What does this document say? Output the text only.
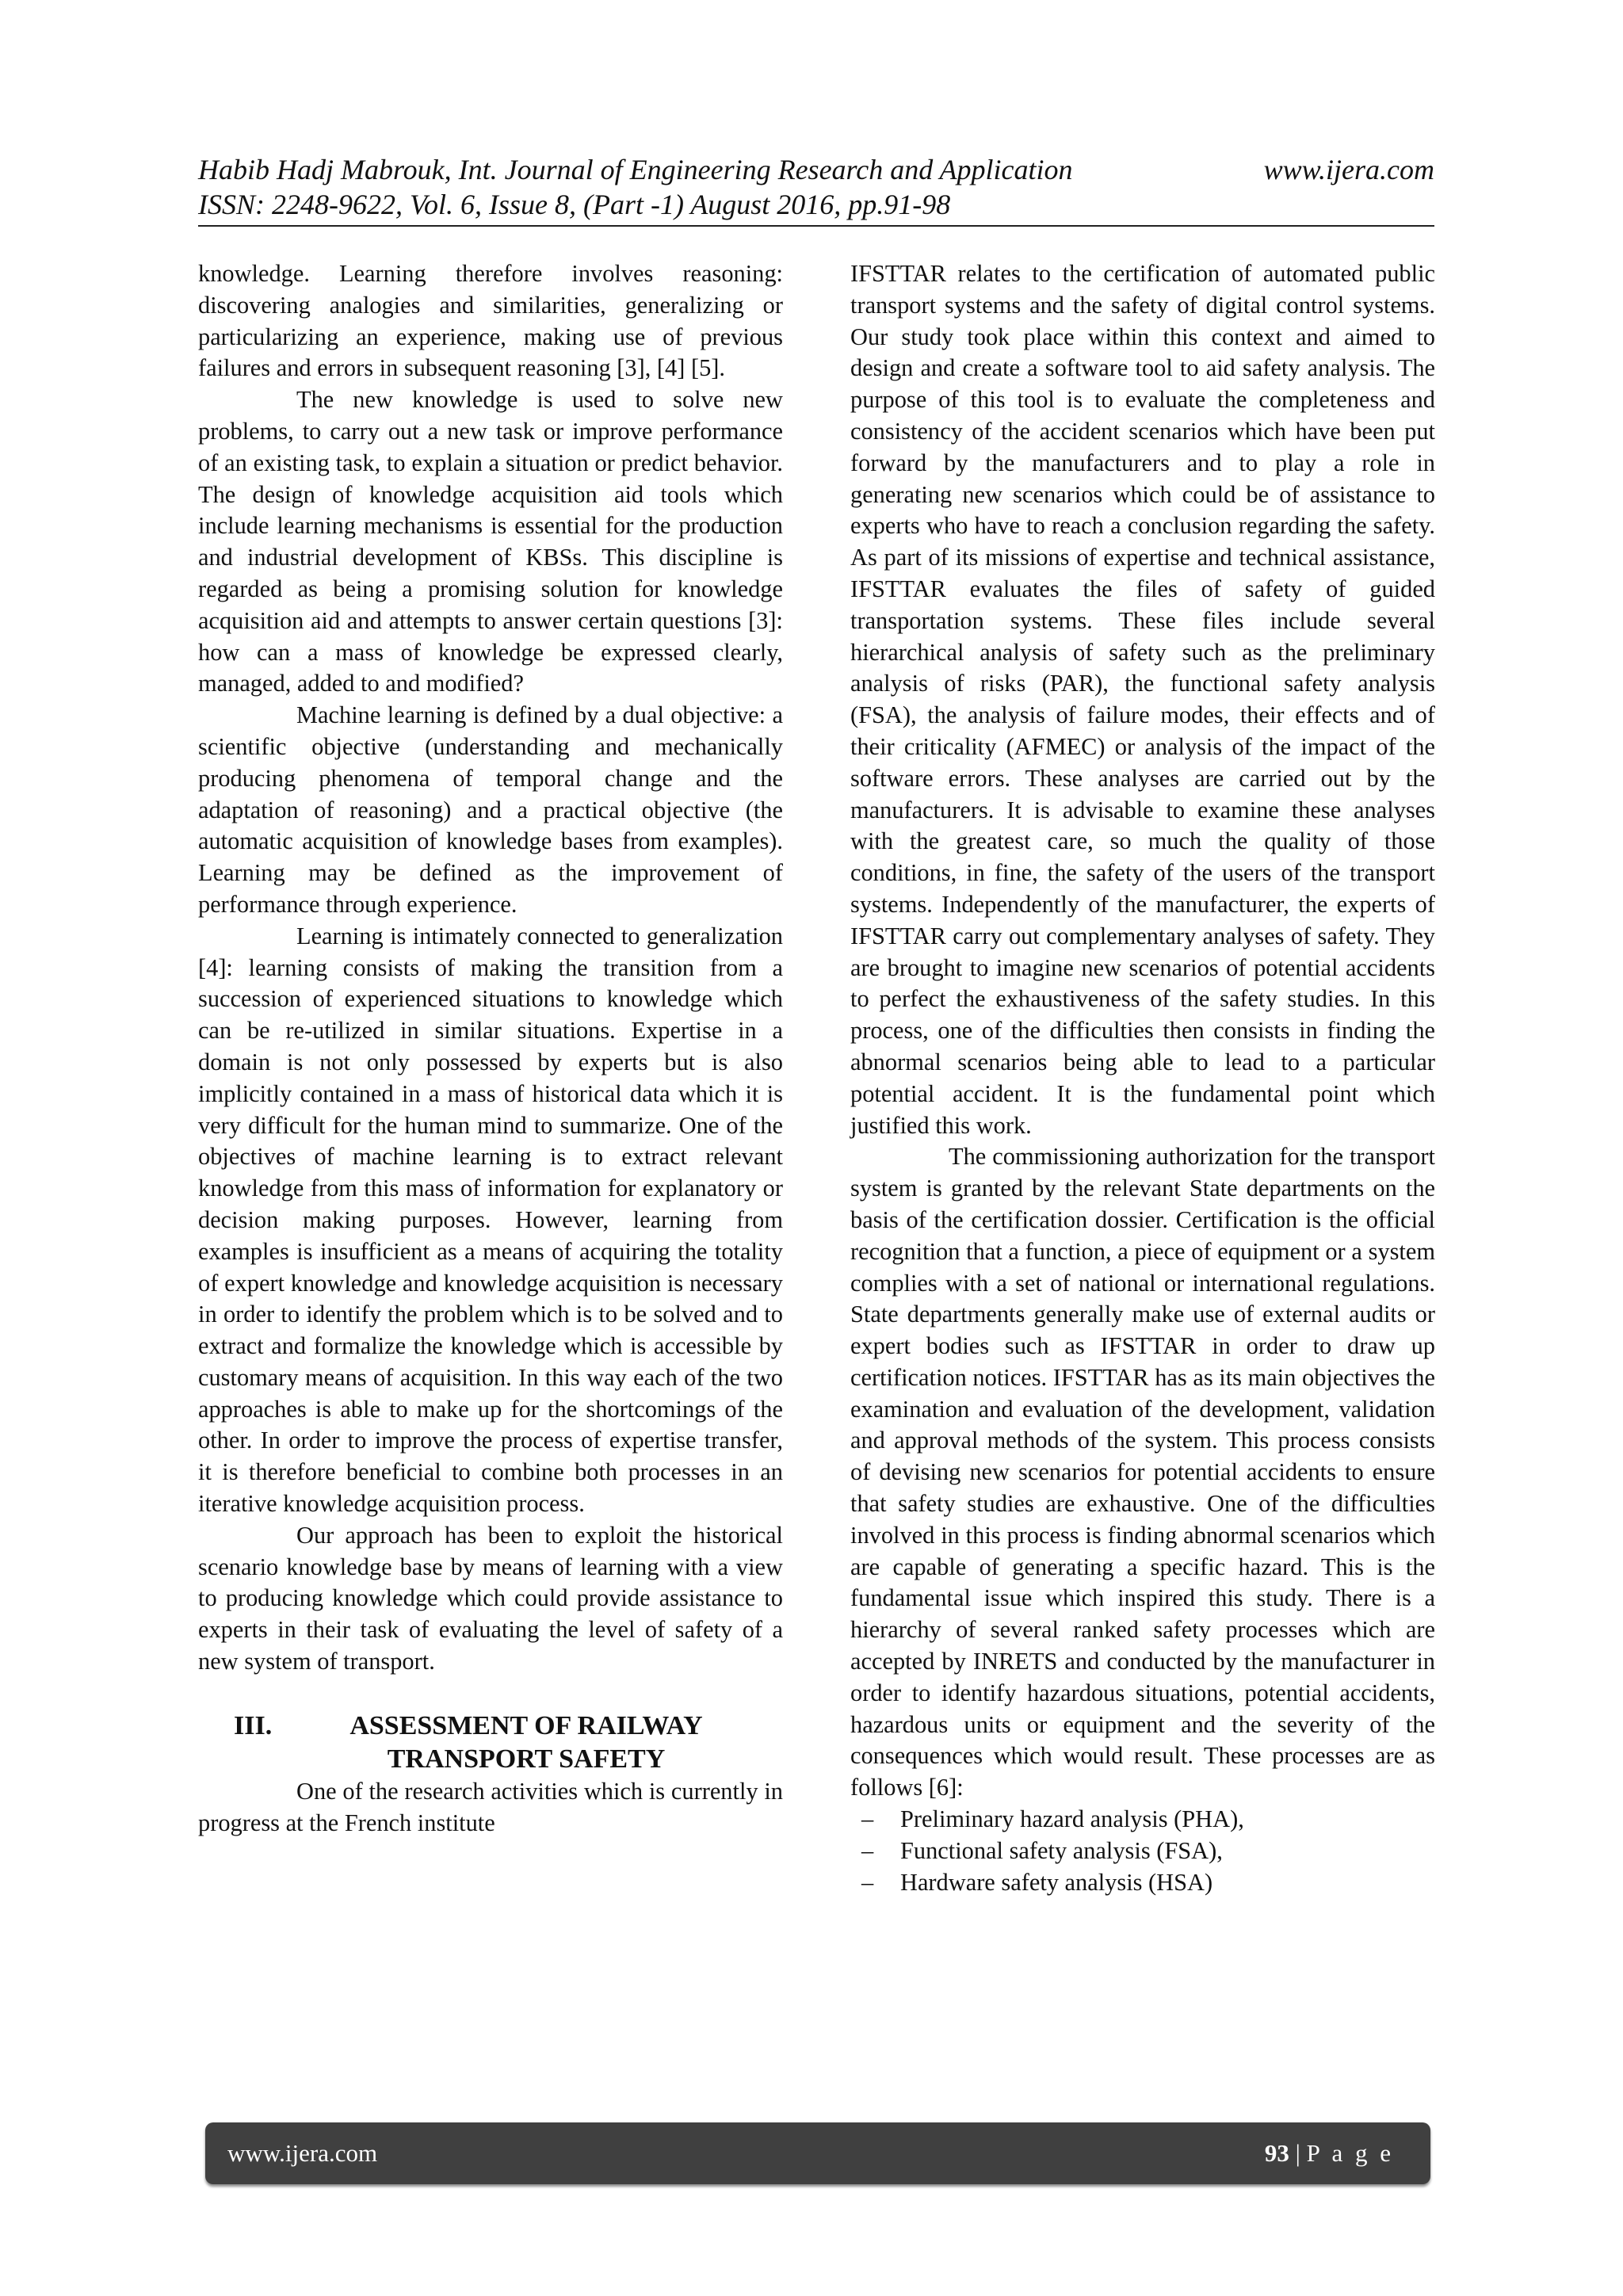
Habib Hadj Mabrouk, Int. Journal of Engineering Research and Application	www.ijera.com
ISSN: 2248-9622, Vol. 6, Issue 8, (Part -1) August 2016, pp.91-98

knowledge. Learning therefore involves reasoning: discovering analogies and similarities, generalizing or particularizing an experience, making use of previous failures and errors in subsequent reasoning [3], [4] [5].

The new knowledge is used to solve new problems, to carry out a new task or improve performance of an existing task, to explain a situation or predict behavior. The design of knowledge acquisition aid tools which include learning mechanisms is essential for the production and industrial development of KBSs. This discipline is regarded as being a promising solution for knowledge acquisition aid and attempts to answer certain questions [3]: how can a mass of knowledge be expressed clearly, managed, added to and modified?

Machine learning is defined by a dual objective: a scientific objective (understanding and mechanically producing phenomena of temporal change and the adaptation of reasoning) and a practical objective (the automatic acquisition of knowledge bases from examples). Learning may be defined as the improvement of performance through experience.

Learning is intimately connected to generalization [4]: learning consists of making the transition from a succession of experienced situations to knowledge which can be re-utilized in similar situations. Expertise in a domain is not only possessed by experts but is also implicitly contained in a mass of historical data which it is very difficult for the human mind to summarize. One of the objectives of machine learning is to extract relevant knowledge from this mass of information for explanatory or decision making purposes. However, learning from examples is insufficient as a means of acquiring the totality of expert knowledge and knowledge acquisition is necessary in order to identify the problem which is to be solved and to extract and formalize the knowledge which is accessible by customary means of acquisition. In this way each of the two approaches is able to make up for the shortcomings of the other. In order to improve the process of expertise transfer, it is therefore beneficial to combine both processes in an iterative knowledge acquisition process.

Our approach has been to exploit the historical scenario knowledge base by means of learning with a view to producing knowledge which could provide assistance to experts in their task of evaluating the level of safety of a new system of transport.

III.	ASSESSMENT OF RAILWAY
TRANSPORT SAFETY

One of the research activities which is currently in progress at the French institute

IFSTTAR relates to the certification of automated public transport systems and the safety of digital control systems. Our study took place within this context and aimed to design and create a software tool to aid safety analysis. The purpose of this tool is to evaluate the completeness and consistency of the accident scenarios which have been put forward by the manufacturers and to play a role in generating new scenarios which could be of assistance to experts who have to reach a conclusion regarding the safety. As part of its missions of expertise and technical assistance, IFSTTAR evaluates the files of safety of guided transportation systems. These files include several hierarchical analysis of safety such as the preliminary analysis of risks (PAR), the functional safety analysis (FSA), the analysis of failure modes, their effects and of their criticality (AFMEC) or analysis of the impact of the software errors. These analyses are carried out by the manufacturers. It is advisable to examine these analyses with the greatest care, so much the quality of those conditions, in fine, the safety of the users of the transport systems. Independently of the manufacturer, the experts of IFSTTAR carry out complementary analyses of safety. They are brought to imagine new scenarios of potential accidents to perfect the exhaustiveness of the safety studies. In this process, one of the difficulties then consists in finding the abnormal scenarios being able to lead to a particular potential accident. It is the fundamental point which justified this work.

The commissioning authorization for the transport system is granted by the relevant State departments on the basis of the certification dossier. Certification is the official recognition that a function, a piece of equipment or a system complies with a set of national or international regulations. State departments generally make use of external audits or expert bodies such as IFSTTAR in order to draw up certification notices. IFSTTAR has as its main objectives the examination and evaluation of the development, validation and approval methods of the system. This process consists of devising new scenarios for potential accidents to ensure that safety studies are exhaustive. One of the difficulties involved in this process is finding abnormal scenarios which are capable of generating a specific hazard. This is the fundamental issue which inspired this study. There is a hierarchy of several ranked safety processes which are accepted by INRETS and conducted by the manufacturer in order to identify hazardous situations, potential accidents, hazardous units or equipment and the severity of the consequences which would result. These processes are as follows [6]:

– Preliminary hazard analysis (PHA),
– Functional safety analysis (FSA),
– Hardware safety analysis (HSA)
www.ijera.com	93 | P a g e
